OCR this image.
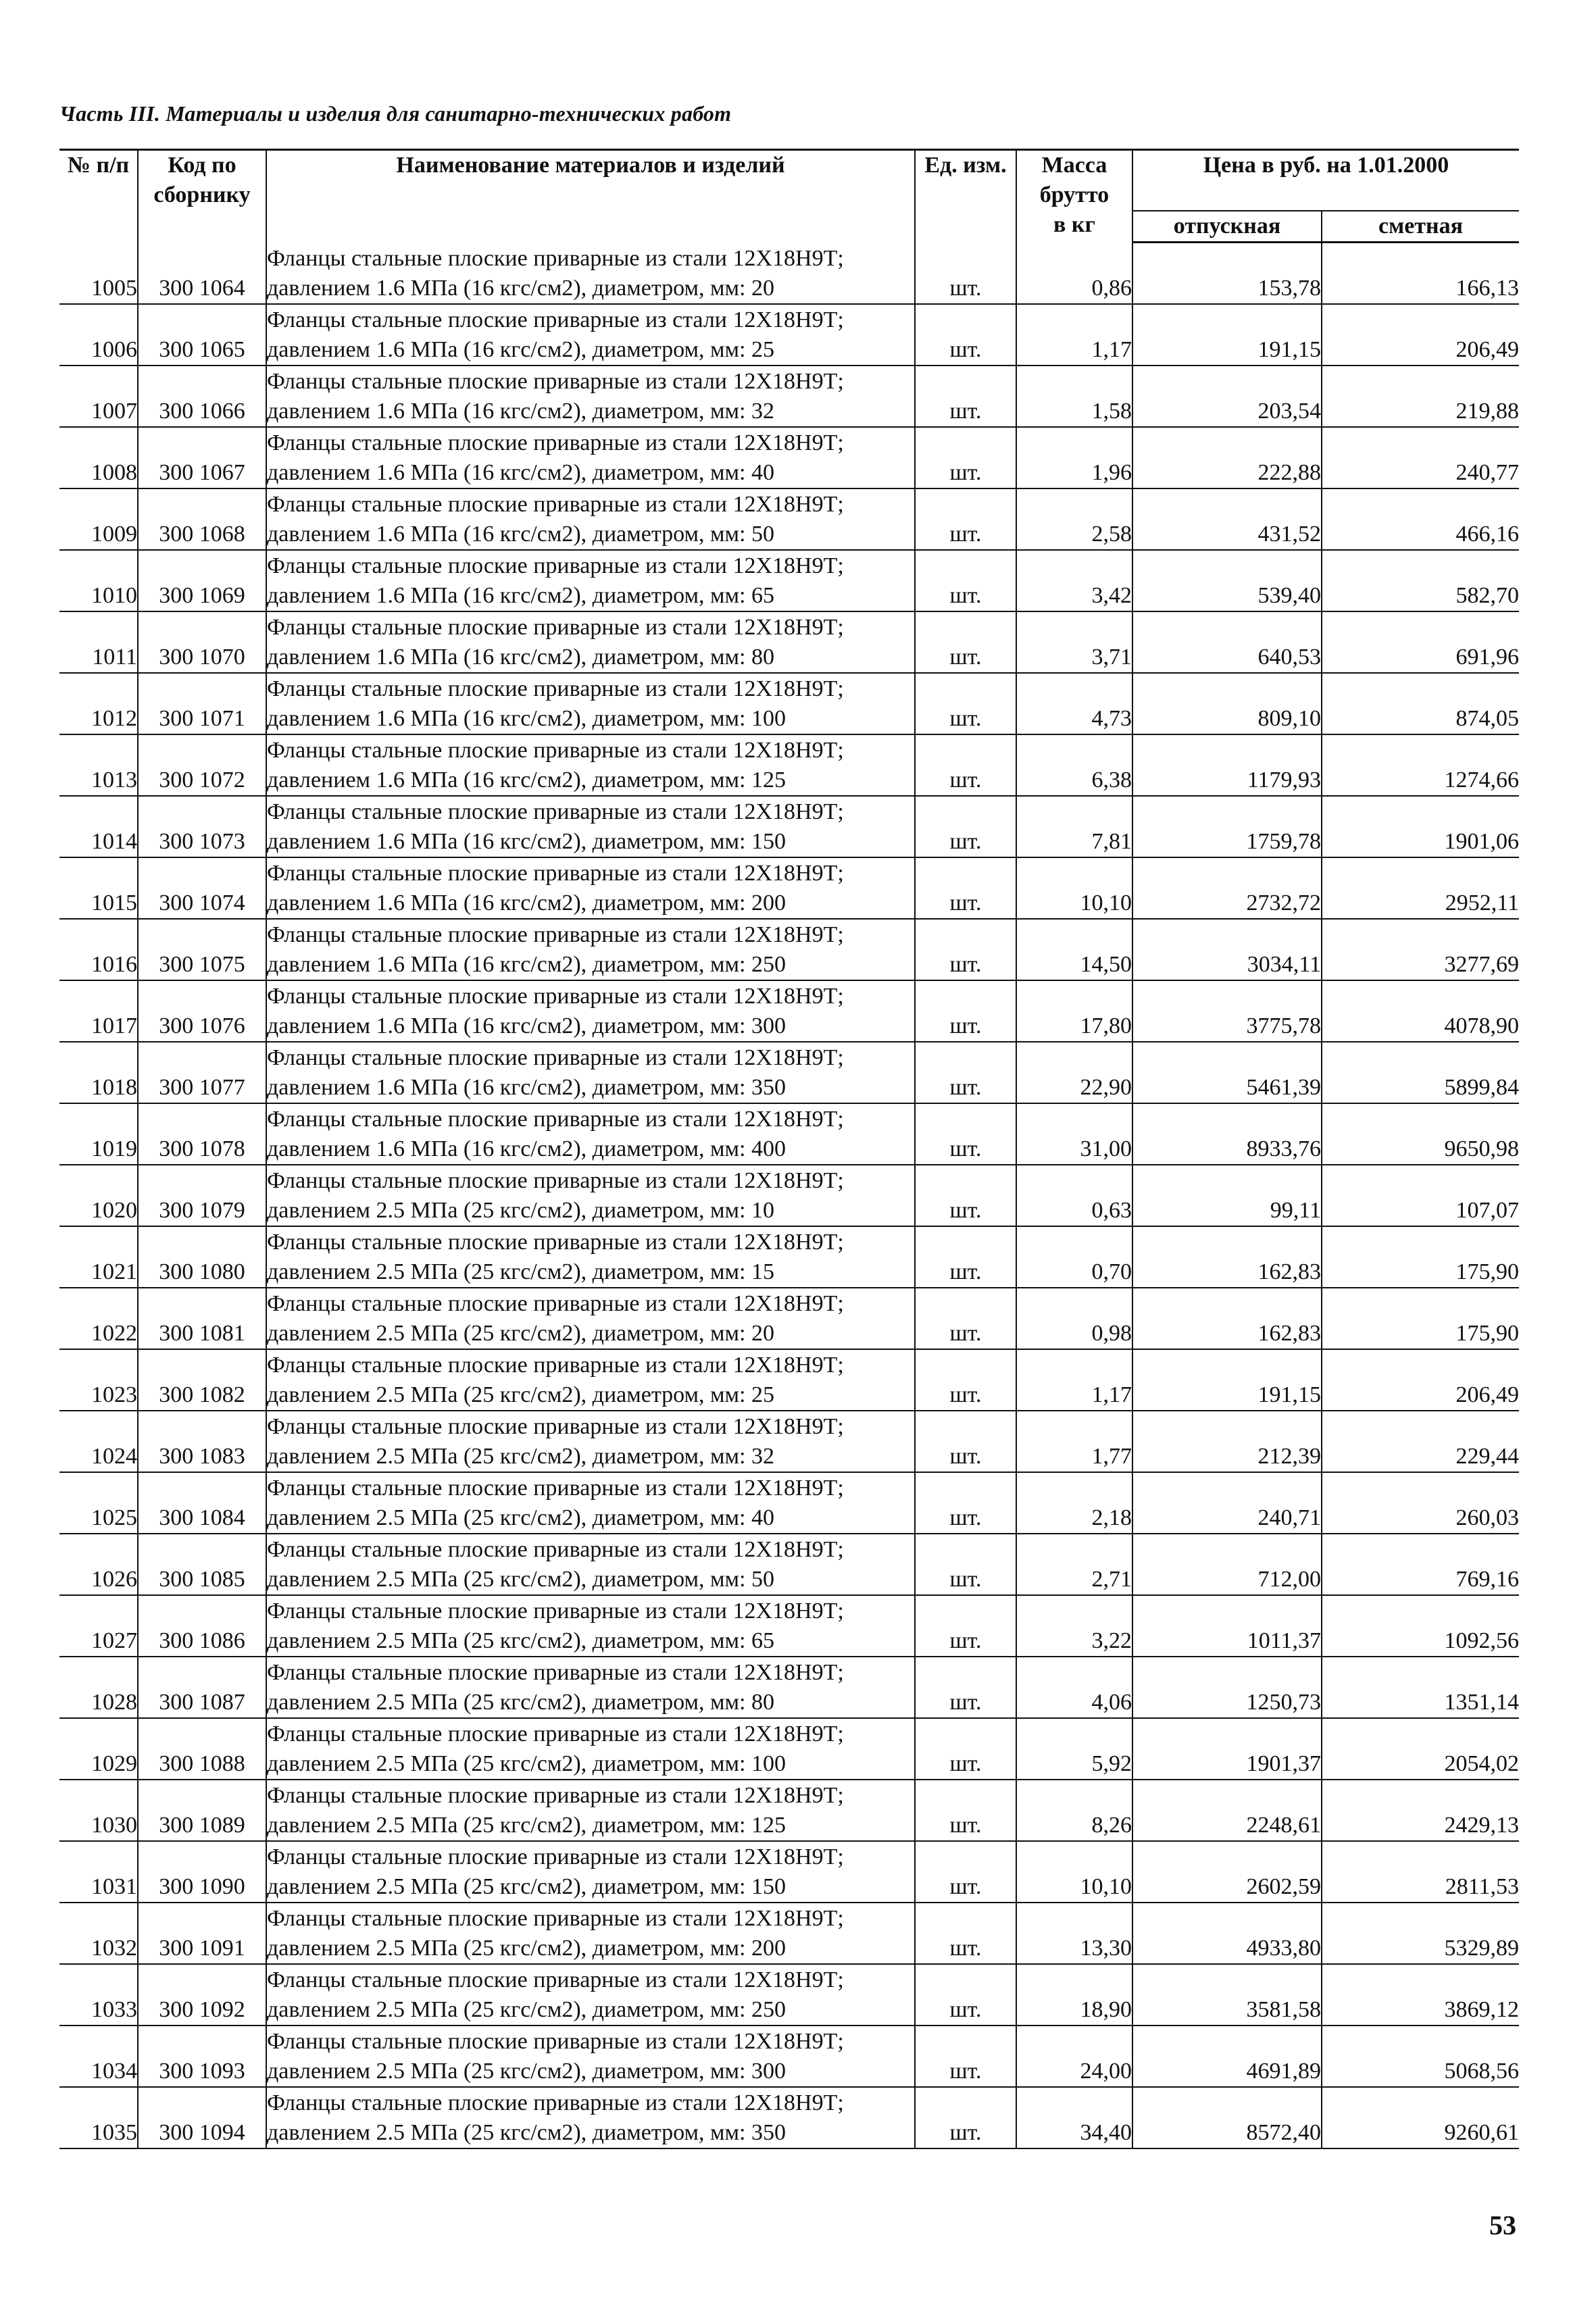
Часть III. Материалы и изделия для санитарно-технических работ
№ п/п	Код по сборнику	Наименование материалов и изделий	Ед. изм.	Масса
брутто
в кг	Цена в руб. на 1.01.2000	
					отпускная	сметная
1005	300 1064	Фланцы стальные плоские приварные из стали 12Х18Н9Т;
давлением 1.6 МПа (16 кгс/см2), диаметром, мм: 20	шт.	0,86	153,78	166,13
1006	300 1065	Фланцы стальные плоские приварные из стали 12Х18Н9Т;
давлением 1.6 МПа (16 кгс/см2), диаметром, мм: 25	шт.	1,17	191,15	206,49
1007	300 1066	Фланцы стальные плоские приварные из стали 12Х18Н9Т;
давлением 1.6 МПа (16 кгс/см2), диаметром, мм: 32	шт.	1,58	203,54	219,88
1008	300 1067	Фланцы стальные плоские приварные из стали 12Х18Н9Т;
давлением 1.6 МПа (16 кгс/см2), диаметром, мм: 40	шт.	1,96	222,88	240,77
1009	300 1068	Фланцы стальные плоские приварные из стали 12Х18Н9Т;
давлением 1.6 МПа (16 кгс/см2), диаметром, мм: 50	шт.	2,58	431,52	466,16
1010	300 1069	Фланцы стальные плоские приварные из стали 12Х18Н9Т;
давлением 1.6 МПа (16 кгс/см2), диаметром, мм: 65	шт.	3,42	539,40	582,70
1011	300 1070	Фланцы стальные плоские приварные из стали 12Х18Н9Т;
давлением 1.6 МПа (16 кгс/см2), диаметром, мм: 80	шт.	3,71	640,53	691,96
1012	300 1071	Фланцы стальные плоские приварные из стали 12Х18Н9Т;
давлением 1.6 МПа (16 кгс/см2), диаметром, мм: 100	шт.	4,73	809,10	874,05
1013	300 1072	Фланцы стальные плоские приварные из стали 12Х18Н9Т;
давлением 1.6 МПа (16 кгс/см2), диаметром, мм: 125	шт.	6,38	1179,93	1274,66
1014	300 1073	Фланцы стальные плоские приварные из стали 12Х18Н9Т;
давлением 1.6 МПа (16 кгс/см2), диаметром, мм: 150	шт.	7,81	1759,78	1901,06
1015	300 1074	Фланцы стальные плоские приварные из стали 12Х18Н9Т;
давлением 1.6 МПа (16 кгс/см2), диаметром, мм: 200	шт.	10,10	2732,72	2952,11
1016	300 1075	Фланцы стальные плоские приварные из стали 12Х18Н9Т;
давлением 1.6 МПа (16 кгс/см2), диаметром, мм: 250	шт.	14,50	3034,11	3277,69
1017	300 1076	Фланцы стальные плоские приварные из стали 12Х18Н9Т;
давлением 1.6 МПа (16 кгс/см2), диаметром, мм: 300	шт.	17,80	3775,78	4078,90
1018	300 1077	Фланцы стальные плоские приварные из стали 12Х18Н9Т;
давлением 1.6 МПа (16 кгс/см2), диаметром, мм: 350	шт.	22,90	5461,39	5899,84
1019	300 1078	Фланцы стальные плоские приварные из стали 12Х18Н9Т;
давлением 1.6 МПа (16 кгс/см2), диаметром, мм: 400	шт.	31,00	8933,76	9650,98
1020	300 1079	Фланцы стальные плоские приварные из стали 12Х18Н9Т;
давлением 2.5 МПа (25 кгс/см2), диаметром, мм: 10	шт.	0,63	99,11	107,07
1021	300 1080	Фланцы стальные плоские приварные из стали 12Х18Н9Т;
давлением 2.5 МПа (25 кгс/см2), диаметром, мм: 15	шт.	0,70	162,83	175,90
1022	300 1081	Фланцы стальные плоские приварные из стали 12Х18Н9Т;
давлением 2.5 МПа (25 кгс/см2), диаметром, мм: 20	шт.	0,98	162,83	175,90
1023	300 1082	Фланцы стальные плоские приварные из стали 12Х18Н9Т;
давлением 2.5 МПа (25 кгс/см2), диаметром, мм: 25	шт.	1,17	191,15	206,49
1024	300 1083	Фланцы стальные плоские приварные из стали 12Х18Н9Т;
давлением 2.5 МПа (25 кгс/см2), диаметром, мм: 32	шт.	1,77	212,39	229,44
1025	300 1084	Фланцы стальные плоские приварные из стали 12Х18Н9Т;
давлением 2.5 МПа (25 кгс/см2), диаметром, мм: 40	шт.	2,18	240,71	260,03
1026	300 1085	Фланцы стальные плоские приварные из стали 12Х18Н9Т;
давлением 2.5 МПа (25 кгс/см2), диаметром, мм: 50	шт.	2,71	712,00	769,16
1027	300 1086	Фланцы стальные плоские приварные из стали 12Х18Н9Т;
давлением 2.5 МПа (25 кгс/см2), диаметром, мм: 65	шт.	3,22	1011,37	1092,56
1028	300 1087	Фланцы стальные плоские приварные из стали 12Х18Н9Т;
давлением 2.5 МПа (25 кгс/см2), диаметром, мм: 80	шт.	4,06	1250,73	1351,14
1029	300 1088	Фланцы стальные плоские приварные из стали 12Х18Н9Т;
давлением 2.5 МПа (25 кгс/см2), диаметром, мм: 100	шт.	5,92	1901,37	2054,02
1030	300 1089	Фланцы стальные плоские приварные из стали 12Х18Н9Т;
давлением 2.5 МПа (25 кгс/см2), диаметром, мм: 125	шт.	8,26	2248,61	2429,13
1031	300 1090	Фланцы стальные плоские приварные из стали 12Х18Н9Т;
давлением 2.5 МПа (25 кгс/см2), диаметром, мм: 150	шт.	10,10	2602,59	2811,53
1032	300 1091	Фланцы стальные плоские приварные из стали 12Х18Н9Т;
давлением 2.5 МПа (25 кгс/см2), диаметром, мм: 200	шт.	13,30	4933,80	5329,89
1033	300 1092	Фланцы стальные плоские приварные из стали 12Х18Н9Т;
давлением 2.5 МПа (25 кгс/см2), диаметром, мм: 250	шт.	18,90	3581,58	3869,12
1034	300 1093	Фланцы стальные плоские приварные из стали 12Х18Н9Т;
давлением 2.5 МПа (25 кгс/см2), диаметром, мм: 300	шт.	24,00	4691,89	5068,56
1035	300 1094	Фланцы стальные плоские приварные из стали 12Х18Н9Т;
давлением 2.5 МПа (25 кгс/см2), диаметром, мм: 350	шт.	34,40	8572,40	9260,61
53
